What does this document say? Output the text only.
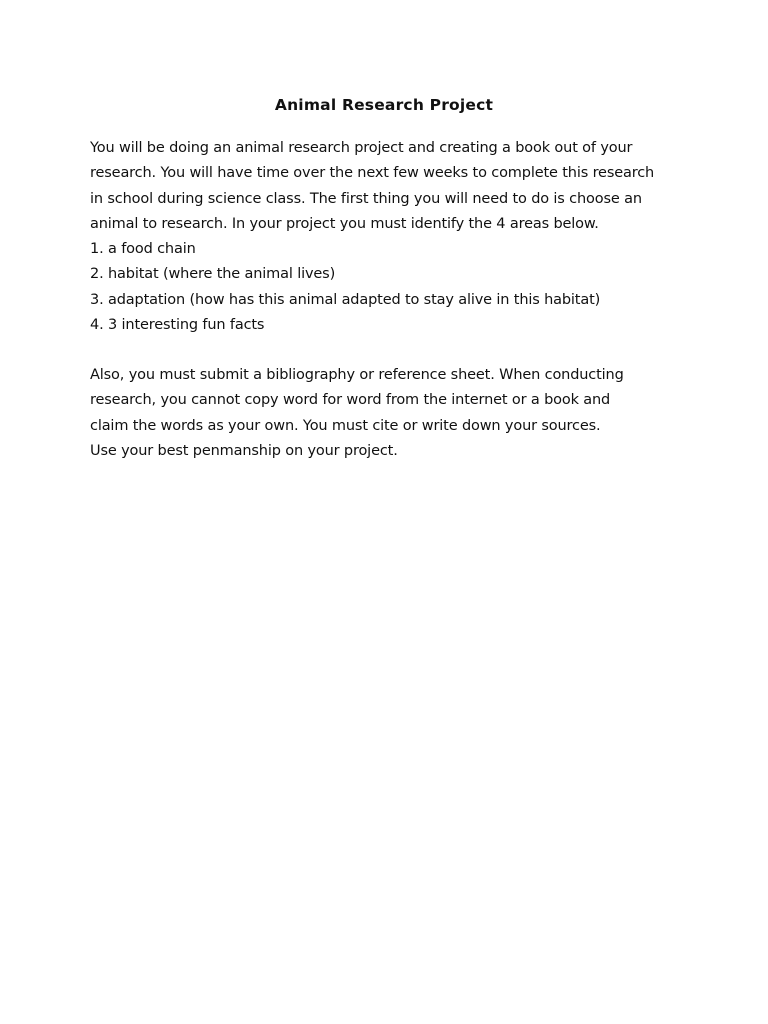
Animal Research Project
You will be doing an animal research project and creating a book out of your
research. You will have time over the next few weeks to complete this research
in school during science class. The first thing you will need to do is choose an
animal to research. In your project you must identify the 4 areas below.
1. a food chain
2. habitat (where the animal lives)
3. adaptation (how has this animal adapted to stay alive in this habitat)
4. 3 interesting fun facts
Also, you must submit a bibliography or reference sheet. When conducting
research, you cannot copy word for word from the internet or a book and
claim the words as your own. You must cite or write down your sources.
Use your best penmanship on your project.
